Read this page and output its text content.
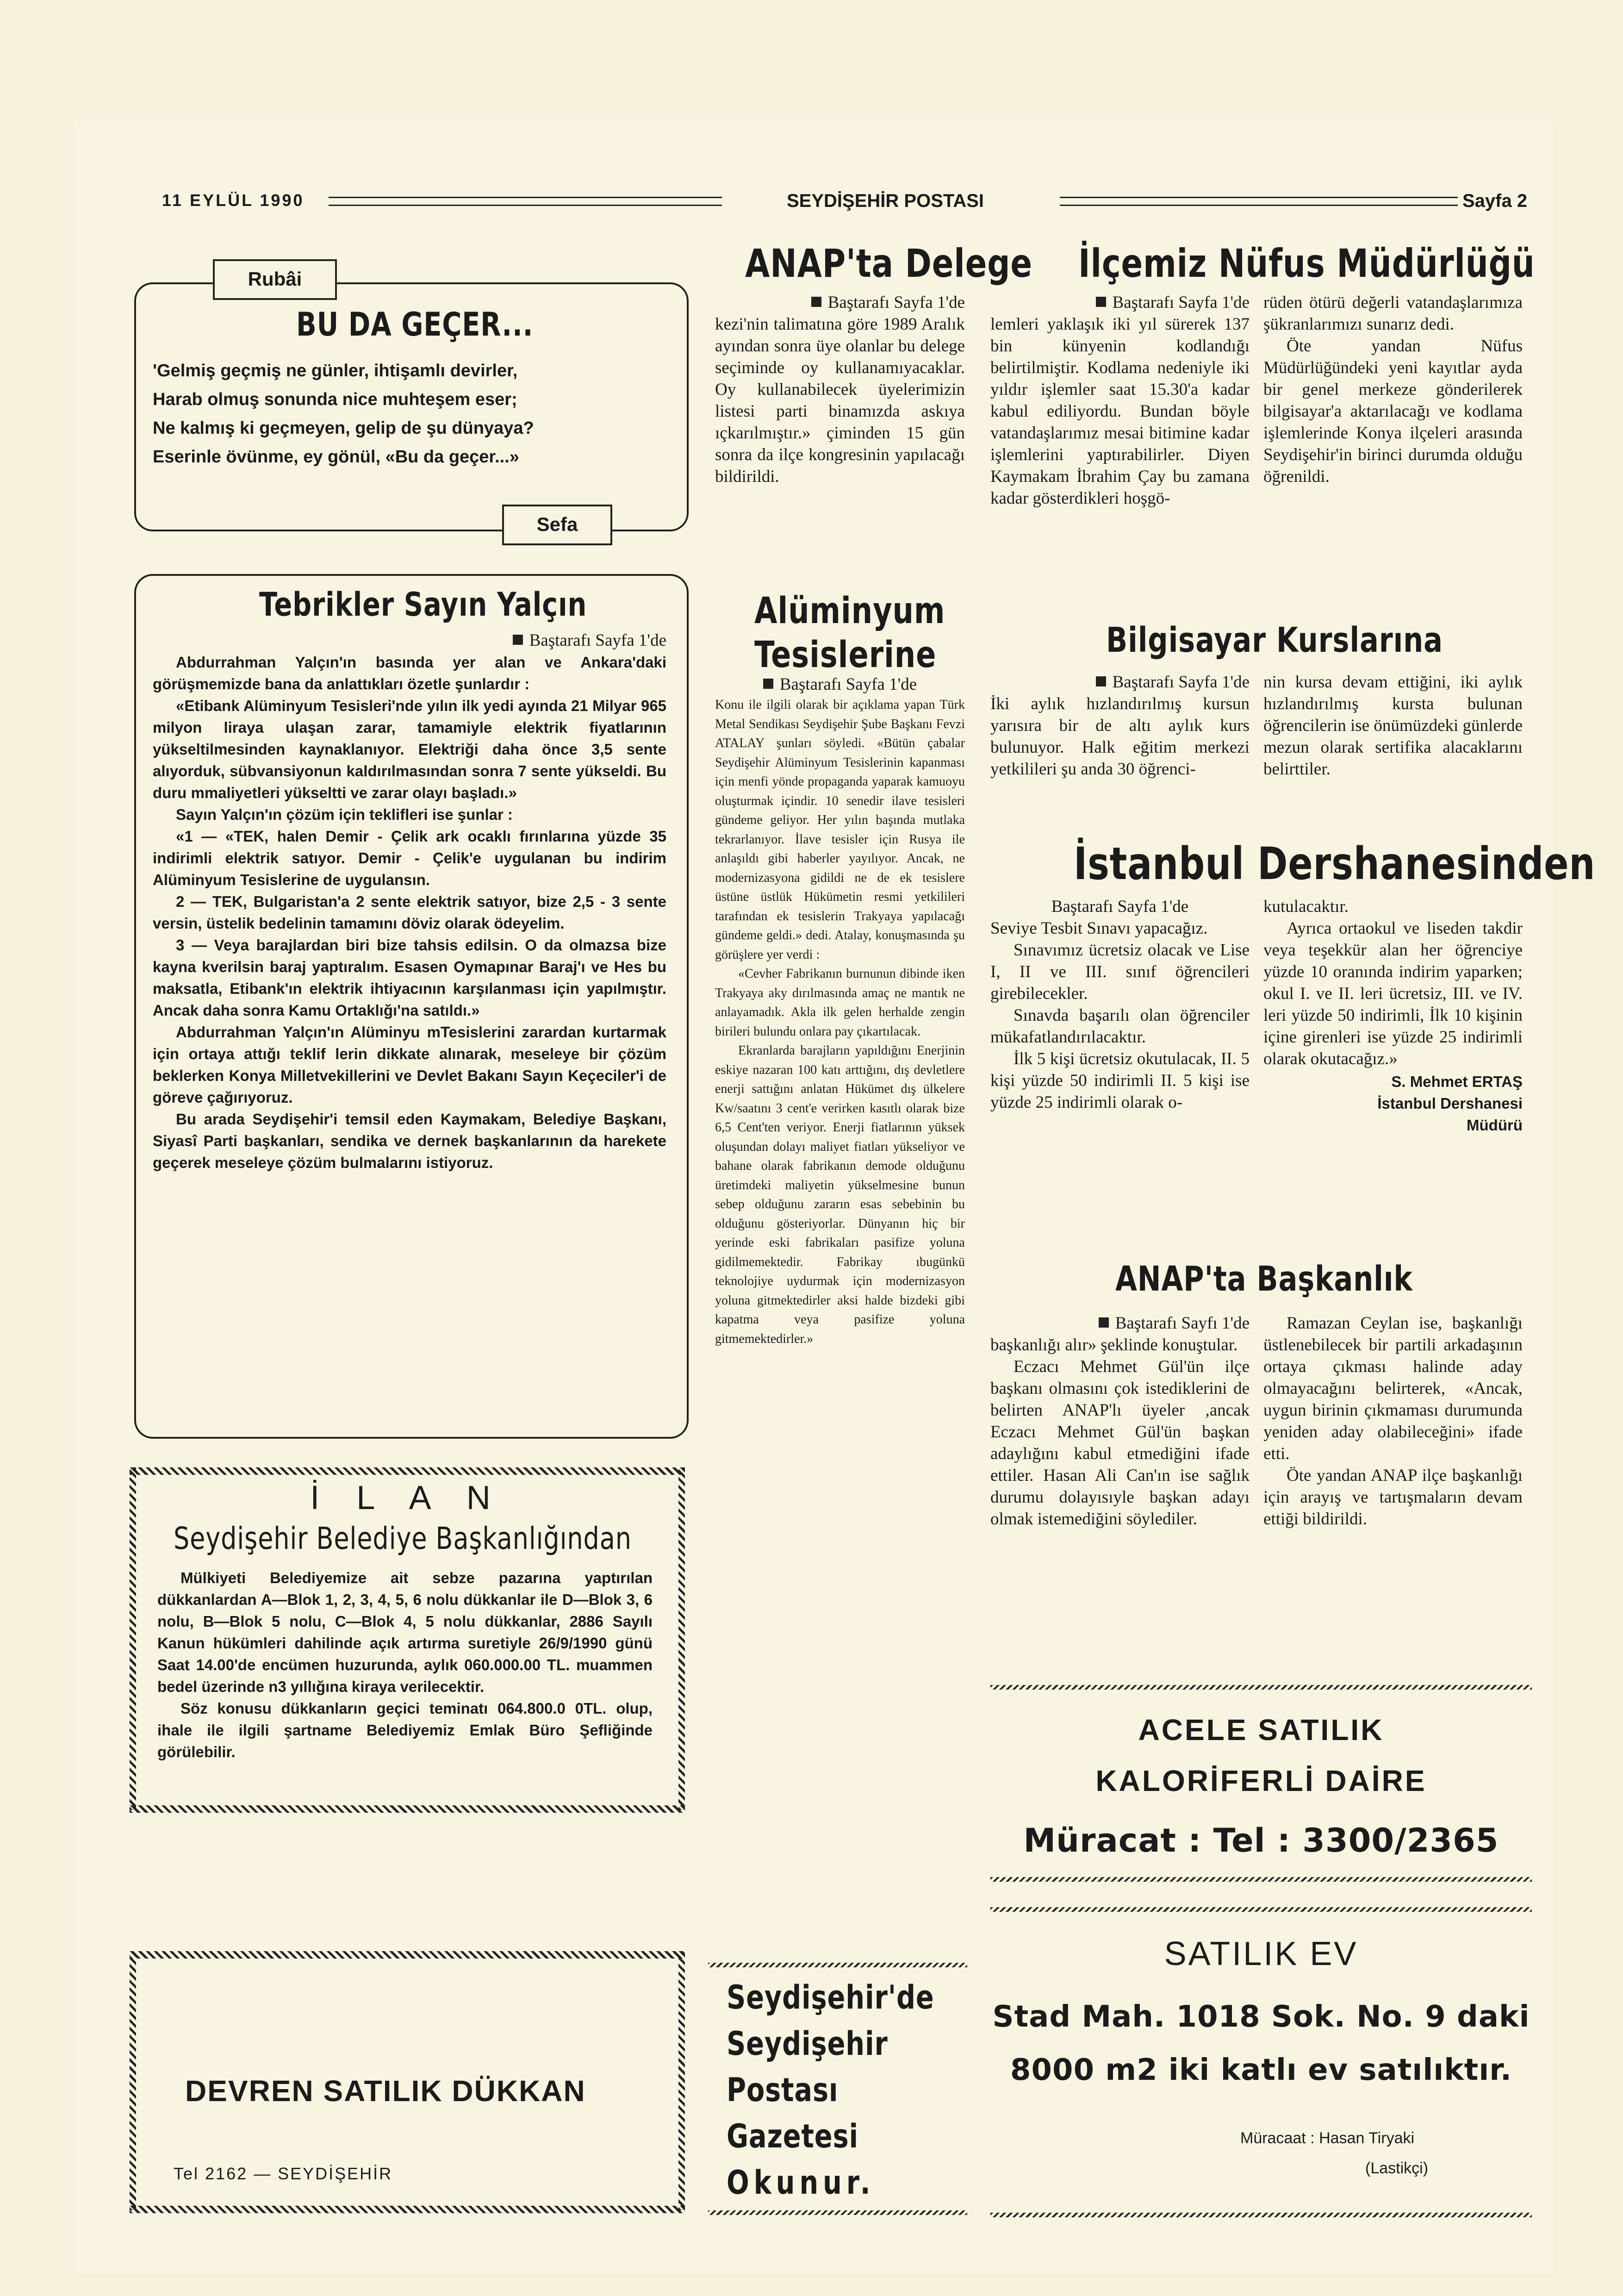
11 EYLÜL 1990	SEYDİŞEHİR POSTASI	Sayfa 2
Rubâi
BU DA GEÇER...
'Gelmiş geçmiş ne günler, ihtişamlı devirler,
Harab olmuş sonunda nice muhteşem eser;
Ne kalmış ki geçmeyen, gelip de şu dünyaya?
Eserinle övünme, ey gönül, «Bu da geçer...»
Sefa
Tebrikler Sayın Yalçın

Baştarafı Sayfa 1'de

Abdurrahman Yalçın'ın basında yer alan ve Ankara'daki görüşmemizde bana da anlattıkları özetle şunlardır :

«Etibank Alüminyum Tesisleri'nde yılın ilk yedi ayında 21 Milyar 965 milyon liraya ulaşan zarar, tamamiyle elektrik fiyatlarının yükseltilmesinden kaynaklanıyor. Elektriği daha önce 3,5 sente alıyorduk, sübvansiyonun kaldırılmasından sonra 7 sente yükseldi. Bu duru mmaliyetleri yükseltti ve zarar olayı başladı.»

Sayın Yalçın'ın çözüm için teklifleri ise şunlar :

«1 — «TEK, halen Demir - Çelik ark ocaklı fırınlarına yüzde 35 indirimli elektrik satıyor. Demir - Çelik'e uygulanan bu indirim Alüminyum Tesislerine de uygulansın.

2 — TEK, Bulgaristan'a 2 sente elektrik satıyor, bize 2,5 - 3 sente versin, üstelik bedelinin tamamını döviz olarak ödeyelim.

3 — Veya barajlardan biri bize tahsis edilsin. O da olmazsa bize kayna kverilsin baraj yaptıralım. Esasen Oymapınar Baraj'ı ve Hes bu maksatla, Etibank'ın elektrik ihtiyacının karşılanması için yapılmıştır. Ancak daha sonra Kamu Ortaklığı'na satıldı.»

Abdurrahman Yalçın'ın Alüminyu mTesislerini zarardan kurtarmak için ortaya attığı teklif lerin dikkate alınarak, meseleye bir çözüm beklerken Konya Milletvekillerini ve Devlet Bakanı Sayın Keçeciler'i de göreve çağırıyoruz.

Bu arada Seydişehir'i temsil eden Kaymakam, Belediye Başkanı, Siyasî Parti başkanları, sendika ve dernek başkanlarının da harekete geçerek meseleye çözüm bulmalarını istiyoruz.

İ L A N
Seydişehir Belediye Başkanlığından

Mülkiyeti Belediyemize ait sebze pazarına yaptırılan dükkanlardan A—Blok 1, 2, 3, 4, 5, 6 nolu dükkanlar ile D—Blok 3, 6 nolu, B—Blok 5 nolu, C—Blok 4, 5 nolu dükkanlar, 2886 Sayılı Kanun hükümleri dahilinde açık artırma suretiyle 26/9/1990 günü Saat 14.00'de encümen huzurunda, aylık 060.000.00 TL. muammen bedel üzerinde n3 yıllığına kiraya verilecektir.

Söz konusu dükkanların geçici teminatı 064.800.0 0TL. olup, ihale ile ilgili şartname Belediyemiz Emlak Büro Şefliğinde görülebilir.

DEVREN SATILIK DÜKKAN
Tel 2162 — SEYDİŞEHİR
ANAP'ta Delege

Baştarafı Sayfa 1'de

kezi'nin talimatına göre 1989 Aralık ayından sonra üye olanlar bu delege seçiminde oy kullanamıyacaklar. Oy kullanabilecek üyelerimizin listesi parti binamızda askıya ıçkarılmıştır.» çiminden 15 gün sonra da ilçe kongresinin yapılacağı bildirildi.

Alüminyum
Tesislerine

Baştarafı Sayfa 1'de

Konu ile ilgili olarak bir açıklama yapan Türk Metal Sendikası Seydişehir Şube Başkanı Fevzi ATALAY şunları söyledi. «Bütün çabalar Seydişehir Alüminyum Tesislerinin kapanması için menfi yönde propaganda yaparak kamuoyu oluşturmak içindir. 10 senedir ilave tesisleri gündeme geliyor. Her yılın başında mutlaka tekrarlanıyor. İlave tesisler için Rusya ile anlaşıldı gibi haberler yayılıyor. Ancak, ne modernizasyona gidildi ne de ek tesislere üstüne üstlük Hükümetin resmi yetkilileri tarafından ek tesislerin Trakyaya yapılacağı gündeme geldi.» dedi. Atalay, konuşmasında şu görüşlere yer verdi :

«Cevher Fabrikanın burnunun dibinde iken Trakyaya aky dırılmasında amaç ne mantık ne anlayamadık. Akla ilk gelen herhalde zengin birileri bulundu onlara pay çıkartılacak.

Ekranlarda barajların yapıldığını Enerjinin eskiye nazaran 100 katı arttığını, dış devletlere enerji sattığını anlatan Hükümet dış ülkelere Kw/saatını 3 cent'e verirken kasıtlı olarak bize 6,5 Cent'ten veriyor. Enerji fiatlarının yüksek oluşundan dolayı maliyet fiatları yükseliyor ve bahane olarak fabrikanın demode olduğunu üretimdeki maliyetin yükselmesine bunun sebep olduğunu zararın esas sebebinin bu olduğunu gösteriyorlar. Dünyanın hiç bir yerinde eski fabrikaları pasifize yoluna gidilmemektedir. Fabrikay ıbugünkü teknolojiye uydurmak için modernizasyon yoluna gitmektedirler aksi halde bizdeki gibi kapatma veya pasifize yoluna gitmemektedirler.»

Seydişehir'de
Seydişehir
Postası
Gazetesi
Okunur.
İlçemiz Nüfus Müdürlüğü

Baştarafı Sayfa 1'de

lemleri yaklaşık iki yıl sürerek 137 bin künyenin kodlandığı belirtilmiştir. Kodlama nedeniyle iki yıldır işlemler saat 15.30'a kadar kabul ediliyordu. Bundan böyle vatandaşlarımız mesai bitimine kadar işlemlerini yaptırabilirler. Diyen Kaymakam İbrahim Çay bu zamana kadar gösterdikleri hoşgö-

rüden ötürü değerli vatandaşlarımıza şükranlarımızı sunarız dedi.

Öte yandan Nüfus Müdürlüğündeki yeni kayıtlar ayda bir genel merkeze gönderilerek bilgisayar'a aktarılacağı ve kodlama işlemlerinde Konya ilçeleri arasında Seydişehir'in birinci durumda olduğu öğrenildi.

Bilgisayar Kurslarına

Baştarafı Sayfa 1'de

İki aylık hızlandırılmış kursun yarısıra bir de altı aylık kurs bulunuyor. Halk eğitim merkezi yetkilileri şu anda 30 öğrenci-

nin kursa devam ettiğini, iki aylık hızlandırılmış kursta bulunan öğrencilerin ise önümüzdeki günlerde mezun olarak sertifika alacaklarını belirttiler.

İstanbul Dershanesinden

Baştarafı Sayfa 1'de

Seviye Tesbit Sınavı yapacağız.

Sınavımız ücretsiz olacak ve Lise I, II ve III. sınıf öğrencileri girebilecekler.

Sınavda başarılı olan öğrenciler mükafatlandırılacaktır.

İlk 5 kişi ücretsiz okutulacak, II. 5 kişi yüzde 50 indirimli II. 5 kişi ise yüzde 25 indirimli olarak o-

kutulacaktır.

Ayrıca ortaokul ve liseden takdir veya teşekkür alan her öğrenciye yüzde 10 oranında indirim yaparken; okul I. ve II. leri ücretsiz, III. ve IV. leri yüzde 50 indirimli, İlk 10 kişinin içine girenleri ise yüzde 25 indirimli olarak okutacağız.»

S. Mehmet ERTAŞ

İstanbul Dershanesi

Müdürü

ANAP'ta Başkanlık

Baştarafı Sayfı 1'de

başkanlığı alır» şeklinde konuştular.

Eczacı Mehmet Gül'ün ilçe başkanı olmasını çok istediklerini de belirten ANAP'lı üyeler ,ancak Eczacı Mehmet Gül'ün başkan adaylığını kabul etmediğini ifade ettiler. Hasan Ali Can'ın ise sağlık durumu dolayısıyle başkan adayı olmak istemediğini söylediler.

Ramazan Ceylan ise, başkanlığı üstlenebilecek bir partili arkadaşının ortaya çıkması halinde aday olmayacağını belirterek, «Ancak, uygun birinin çıkmaması durumunda yeniden aday olabileceğini» ifade etti.

Öte yandan ANAP ilçe başkanlığı için arayış ve tartışmaların devam ettiği bildirildi.

ACELE SATILIK
KALORİFERLİ DAİRE
Müracat : Tel : 3300/2365
SATILIK EV
Stad Mah. 1018 Sok. No. 9 daki
8000 m2 iki katlı ev satılıktır.
Müracaat : Hasan Tiryaki
(Lastikçi)
